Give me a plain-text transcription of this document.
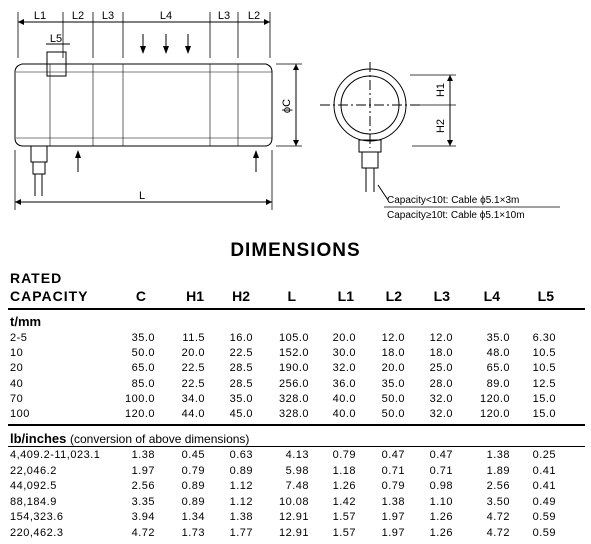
L1 L2 L3	L4	L3 L2
L5
ϕC
L
H1
H2
Capacity<10t: Cable ϕ5.1×3m
Capacity≥10t: Cable ϕ5.1×10m
DIMENSIONS
RATED
CAPACITY	C	H1	H2	L	L1	L2	L3	L4	L5
t/mm
2-5	35.0	11.5	16.0	105.0	20.0	12.0	12.0	35.0	6.30
10	50.0	20.0	22.5	152.0	30.0	18.0	18.0	48.0	10.5
20	65.0	22.5	28.5	190.0	32.0	20.0	25.0	65.0	10.5
40	85.0	22.5	28.5	256.0	36.0	35.0	28.0	89.0	12.5
70	100.0	34.0	35.0	328.0	40.0	50.0	32.0	120.0	15.0
100	120.0	44.0	45.0	328.0	40.0	50.0	32.0	120.0	15.0
lb/inches (conversion of above dimensions)
4,409.2-11,023.1	1.38	0.45	0.63	4.13	0.79	0.47	0.47	1.38	0.25
22,046.2	1.97	0.79	0.89	5.98	1.18	0.71	0.71	1.89	0.41
44,092.5	2.56	0.89	1.12	7.48	1.26	0.79	0.98	2.56	0.41
88,184.9	3.35	0.89	1.12	10.08	1.42	1.38	1.10	3.50	0.49
154,323.6	3.94	1.34	1.38	12.91	1.57	1.97	1.26	4.72	0.59
220,462.3	4.72	1.73	1.77	12.91	1.57	1.97	1.26	4.72	0.59
